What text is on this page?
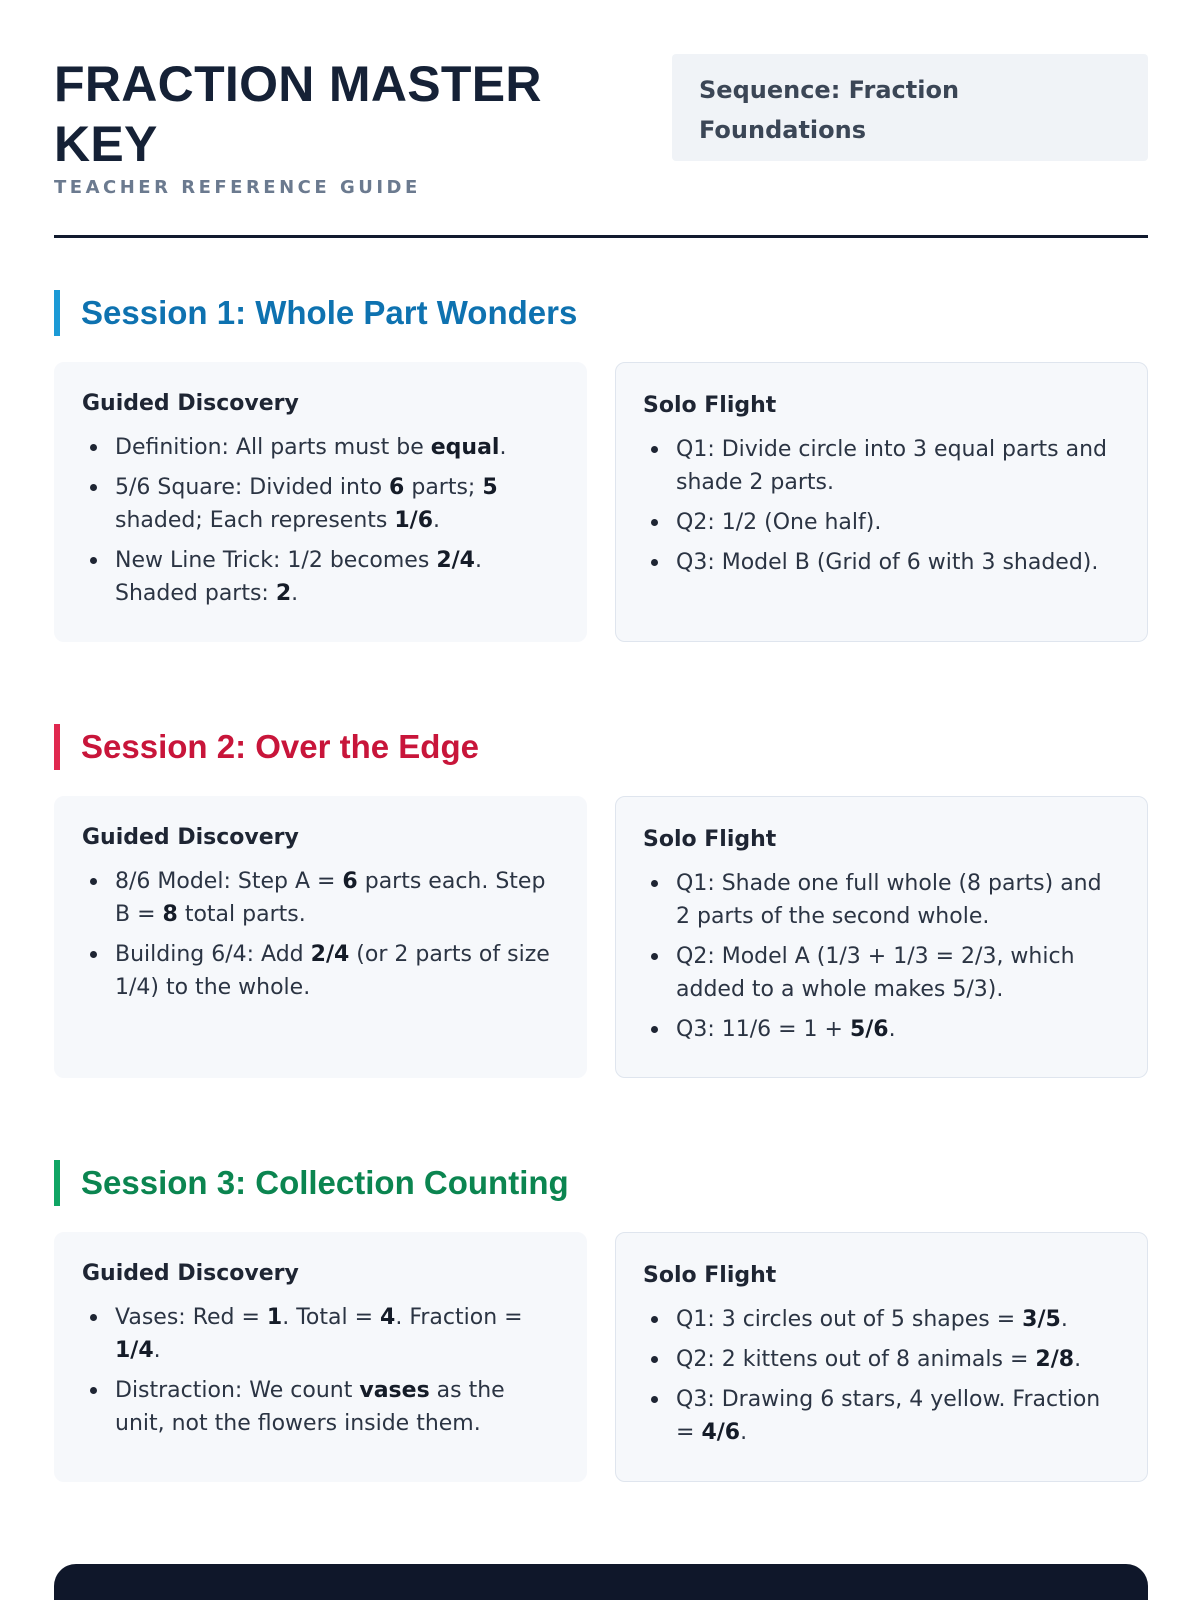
FRACTION MASTER KEY
TEACHER REFERENCE GUIDE
Sequence: Fraction Foundations
Session 1: Whole Part Wonders
Guided Discovery
Definition: All parts must be equal.
5/6 Square: Divided into 6 parts; 5 shaded; Each represents 1/6.
New Line Trick: 1/2 becomes 2/4. Shaded parts: 2.
Solo Flight
Q1: Divide circle into 3 equal parts and shade 2 parts.
Q2: 1/2 (One half).
Q3: Model B (Grid of 6 with 3 shaded).
Session 2: Over the Edge
Guided Discovery
8/6 Model: Step A = 6 parts each. Step B = 8 total parts.
Building 6/4: Add 2/4 (or 2 parts of size 1/4) to the whole.
Solo Flight
Q1: Shade one full whole (8 parts) and 2 parts of the second whole.
Q2: Model A (1/3 + 1/3 = 2/3, which added to a whole makes 5/3).
Q3: 11/6 = 1 + 5/6.
Session 3: Collection Counting
Guided Discovery
Vases: Red = 1. Total = 4. Fraction = 1/4.
Distraction: We count vases as the unit, not the flowers inside them.
Solo Flight
Q1: 3 circles out of 5 shapes = 3/5.
Q2: 2 kittens out of 8 animals = 2/8.
Q3: Drawing 6 stars, 4 yellow. Fraction = 4/6.
